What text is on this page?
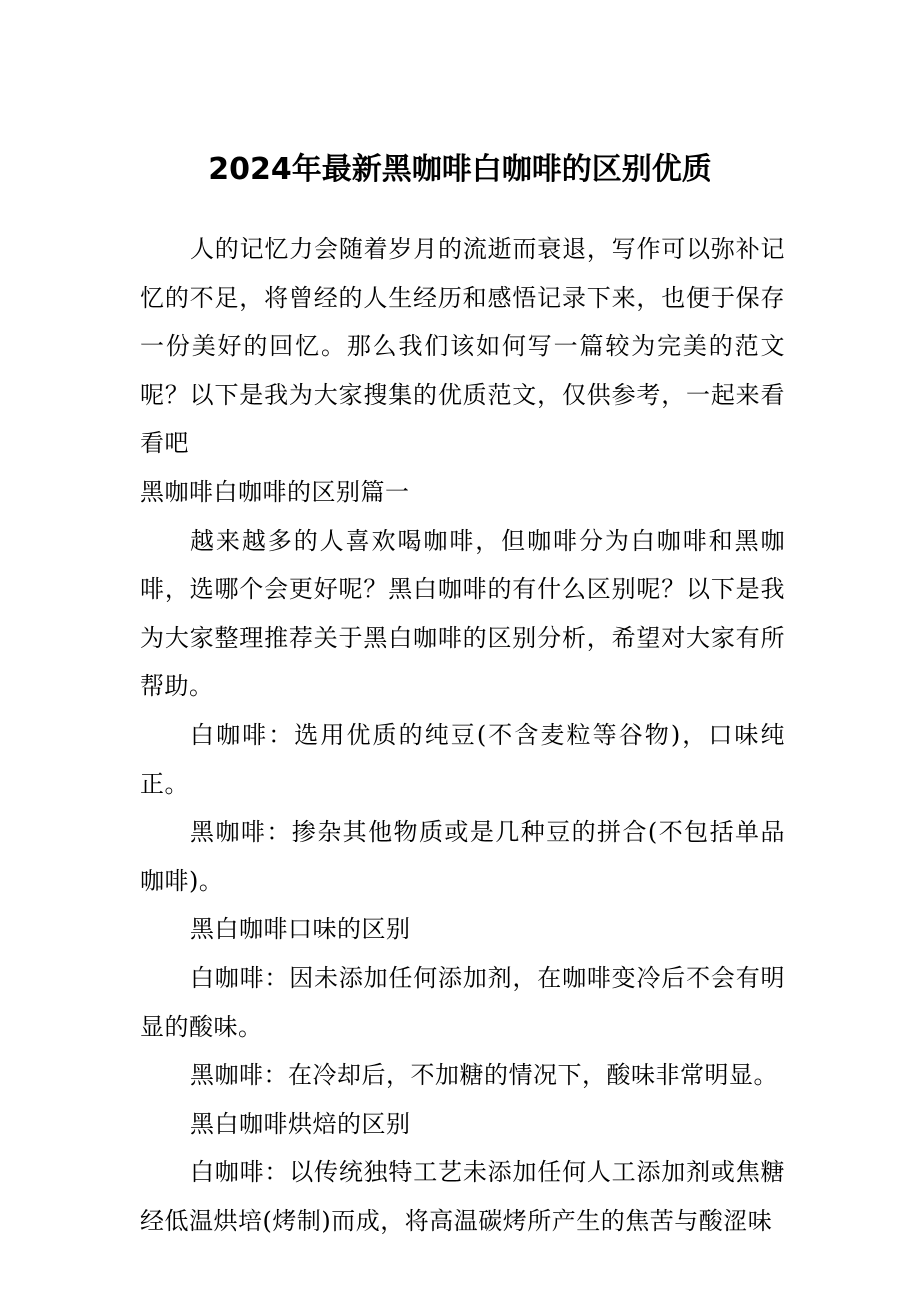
2024年最新黑咖啡白咖啡的区别优质

人的记忆力会随着岁月的流逝而衰退，写作可以弥补记忆的不足，将曾经的人生经历和感悟记录下来，也便于保存一份美好的回忆。那么我们该如何写一篇较为完美的范文呢？以下是我为大家搜集的优质范文，仅供参考，一起来看看吧

黑咖啡白咖啡的区别篇一

越来越多的人喜欢喝咖啡，但咖啡分为白咖啡和黑咖啡，选哪个会更好呢？黑白咖啡的有什么区别呢？以下是我为大家整理推荐关于黑白咖啡的区别分析，希望对大家有所帮助。

白咖啡：选用优质的纯豆(不含麦粒等谷物)，口味纯正。

黑咖啡：掺杂其他物质或是几种豆的拼合(不包括单品咖啡)。

黑白咖啡口味的区别

白咖啡：因未添加任何添加剂，在咖啡变冷后不会有明显的酸味。

黑咖啡：在冷却后，不加糖的情况下，酸味非常明显。

黑白咖啡烘焙的区别

白咖啡：以传统独特工艺未添加任何人工添加剂或焦糖经低温烘培(烤制)而成，将高温碳烤所产生的焦苦与酸涩味
